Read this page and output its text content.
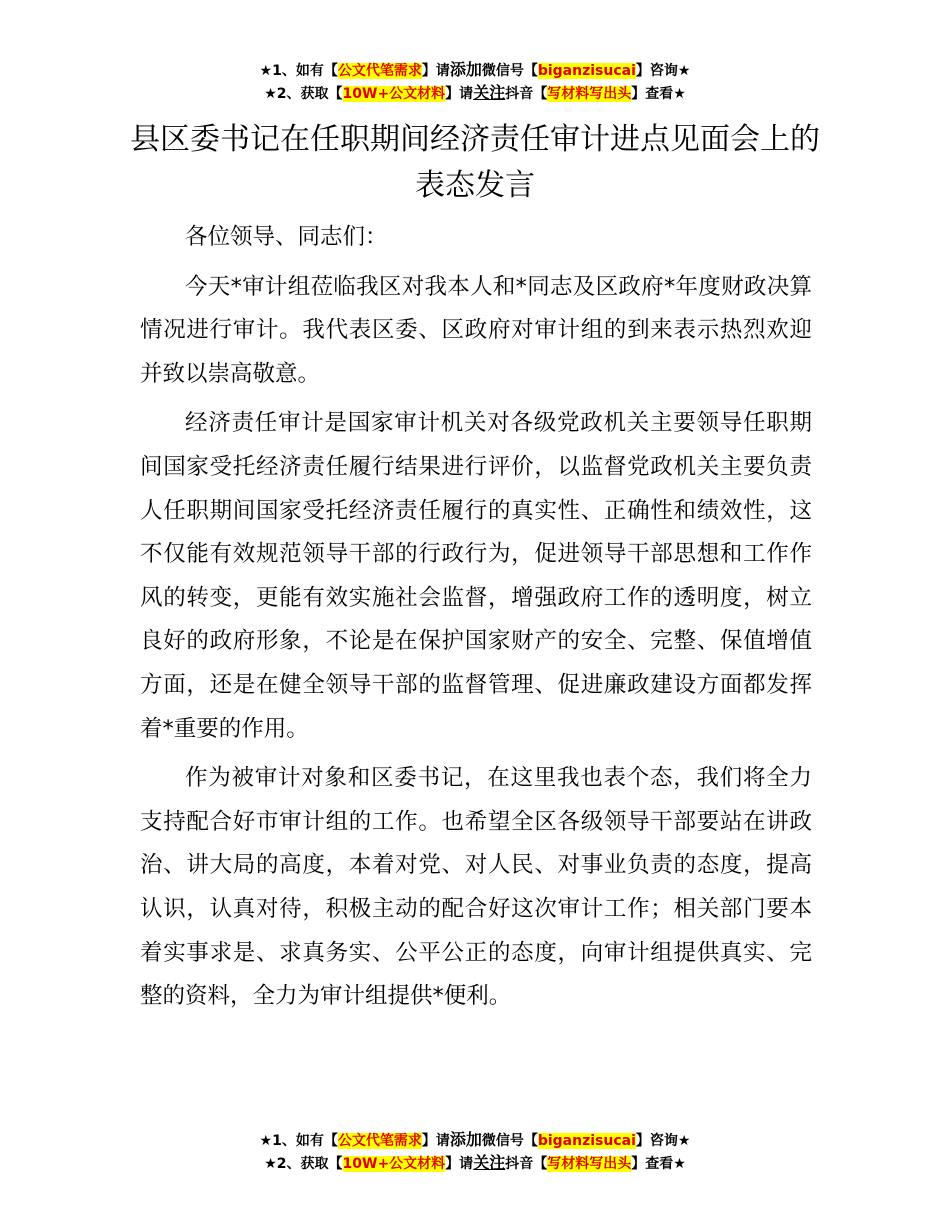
★1、如有【公文代笔需求】请添加微信号【biganzisucai】咨询★
★2、获取【10W+公文材料】请关注抖音【写材料写出头】查看★
县区委书记在任职期间经济责任审计进点见面会上的表态发言

各位领导、同志们：

今天*审计组莅临我区对我本人和*同志及区政府*年度财政决算情况进行审计。我代表区委、区政府对审计组的到来表示热烈欢迎并致以崇高敬意。

经济责任审计是国家审计机关对各级党政机关主要领导任职期间国家受托经济责任履行结果进行评价，以监督党政机关主要负责人任职期间国家受托经济责任履行的真实性、正确性和绩效性，这不仅能有效规范领导干部的行政行为，促进领导干部思想和工作作风的转变，更能有效实施社会监督，增强政府工作的透明度，树立良好的政府形象，不论是在保护国家财产的安全、完整、保值增值方面，还是在健全领导干部的监督管理、促进廉政建设方面都发挥着*重要的作用。

作为被审计对象和区委书记，在这里我也表个态，我们将全力支持配合好市审计组的工作。也希望全区各级领导干部要站在讲政治、讲大局的高度，本着对党、对人民、对事业负责的态度，提高认识，认真对待，积极主动的配合好这次审计工作；相关部门要本着实事求是、求真务实、公平公正的态度，向审计组提供真实、完整的资料，全力为审计组提供*便利。

★1、如有【公文代笔需求】请添加微信号【biganzisucai】咨询★
★2、获取【10W+公文材料】请关注抖音【写材料写出头】查看★
